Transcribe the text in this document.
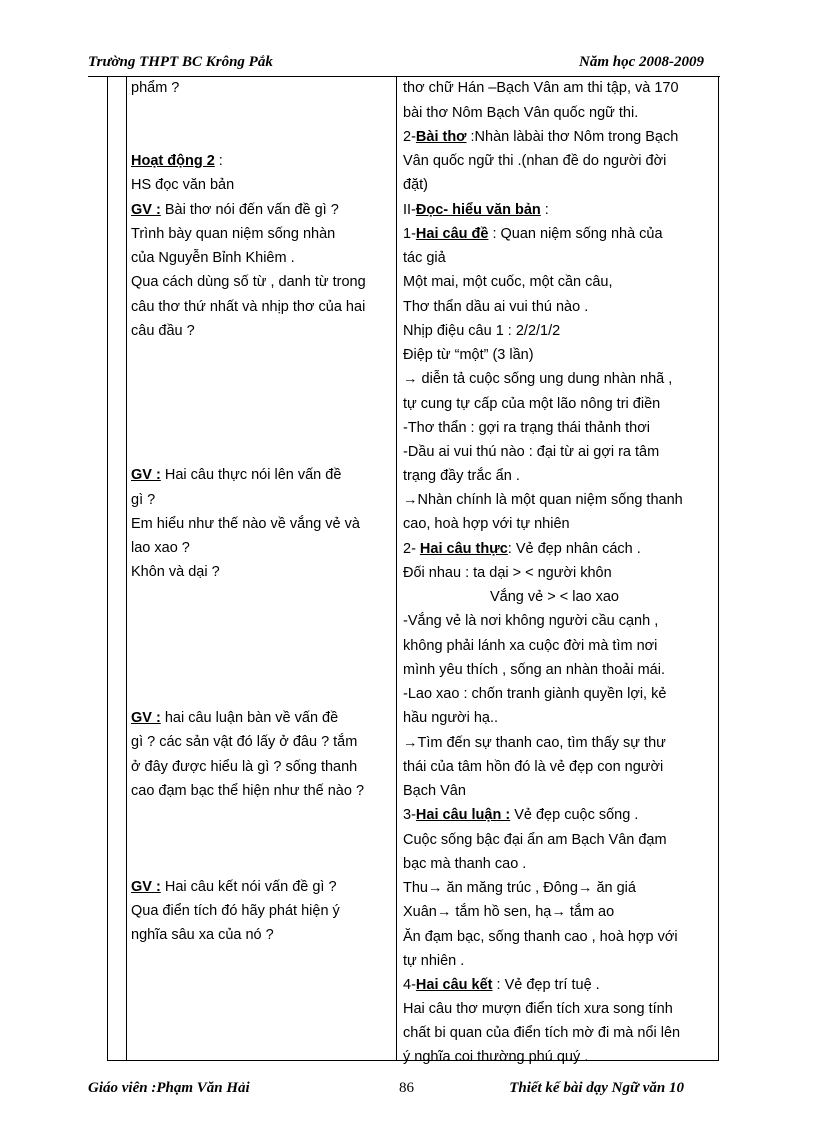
Trường THPT BC Krông Pắk	Năm học 2008-2009
phẩm ?
Hoạt động 2 :
HS đọc văn bản
GV : Bài thơ nói đến vấn đề gì ?
Trình bày quan niệm sống nhàn
của Nguyễn Bỉnh Khiêm .
Qua cách dùng số từ , danh từ trong
câu thơ thứ nhất và nhịp thơ của hai
câu đầu ?
GV : Hai câu thực nói lên vấn đề
gì ?
Em hiểu như thế nào về vắng vẻ và
lao xao ?
Khôn và dại ?
GV : hai câu luận bàn về vấn đề
gì ? các sản vật đó lấy ở đâu ? tắm
ở đây được hiểu là gì ? sống thanh
cao đạm bạc thể hiện như thế nào ?
GV : Hai câu kết nói vấn đề gì ?
Qua điển tích đó hãy phát hiện ý
nghĩa sâu xa của nó ?
thơ chữ Hán –Bạch Vân am thi tập, và 170
bài thơ Nôm Bạch Vân quốc ngữ thi.
2-Bài thơ :Nhàn làbài thơ Nôm trong Bạch
Vân quốc ngữ thi .(nhan đề do người đời
đặt)
II-Đọc- hiểu văn bản :
1-Hai câu đề : Quan niệm sống nhà của
tác giả
Một mai, một cuốc, một cần câu,
Thơ thẩn dầu ai vui thú nào .
Nhịp điệu câu 1 : 2/2/1/2
Điệp từ “một” (3 lần)
→ diễn tả cuộc sống ung dung nhàn nhã ,
tự cung tự cấp của một lão nông tri điền
-Thơ thẩn : gợi ra trạng thái thảnh thơi
-Dầu ai vui thú nào : đại từ ai gợi ra tâm
trạng đầy trắc ẩn .
→Nhàn chính là một quan niệm sống thanh
cao, hoà hợp với tự nhiên
2- Hai câu thực: Vẻ đẹp nhân cách .
Đối nhau : ta dại > < người khôn
Vắng vẻ > < lao xao
-Vắng vẻ là nơi không người cầu cạnh ,
không phải lánh xa cuộc đời mà tìm nơi
mình yêu thích , sống an nhàn thoải mái.
-Lao xao : chốn tranh giành quyền lợi, kẻ
hầu người hạ..
→Tìm đến sự thanh cao, tìm thấy sự thư
thái của tâm hồn đó là vẻ đẹp con người
Bạch Vân
3-Hai câu luận : Vẻ đẹp cuộc sống .
Cuộc sống bậc đại ẩn am Bạch Vân đạm
bạc mà thanh cao .
Thu→ ăn măng trúc , Đông→ ăn giá
Xuân→ tắm hồ sen, hạ→ tắm ao
Ăn đạm bạc, sống thanh cao , hoà hợp với
tự nhiên .
4-Hai câu kết : Vẻ đẹp trí tuệ .
Hai câu thơ mượn điển tích xưa song tính
chất bi quan của điển tích mờ đi mà nổi lên
ý nghĩa coi thường phú quý .
Giáo viên :Phạm Văn Hải	86	Thiết kế bài dạy Ngữ văn 10
